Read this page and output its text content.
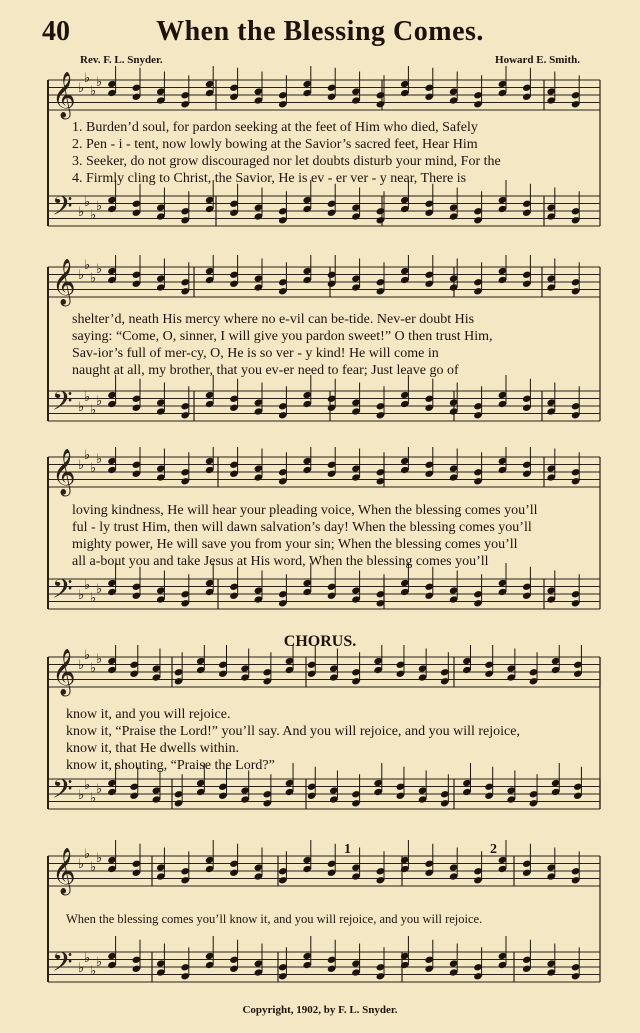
40	When the Blessing Comes.
Rev. F. L. Snyder.	Howard E. Smith.
𝄞 ♭
♭
♭
♭
𝄢 ♭
♭
♭
♭
1. Burden’d soul, for pardon seeking at the feet of Him who died, Safely
2. Pen - i - tent, now lowly bowing at the Savior’s sacred feet, Hear Him
3. Seeker, do not grow discouraged nor let doubts disturb your mind, For the
4. Firmly cling to Christ, the Savior, He is ev - er ver - y near, There is
𝄞 ♭
♭
♭
♭
𝄢 ♭
♭
♭
♭
shelter’d, neath His mercy where no e-vil can be-tide. Nev-er doubt His
saying: “Come, O, sinner, I will give you pardon sweet!” O then trust Him,
Sav-ior’s full of mer-cy, O, He is so ver - y kind! He will come in
naught at all, my brother, that you ev-er need to fear; Just leave go of
𝄞 ♭
♭
♭
♭
𝄢 ♭
♭
♭
♭
loving kindness, He will hear your pleading voice, When the blessing comes you’ll
ful - ly trust Him, then will dawn salvation’s day! When the blessing comes you’ll
mighty power, He will save you from your sin; When the blessing comes you’ll
all a-bout you and take Jesus at His word, When the blessing comes you’ll
CHORUS.
𝄞 ♭
♭
♭
♭
𝄢 ♭
♭
♭
♭
know it, and you will rejoice.
know it, “Praise the Lord!” you’ll say. And you will rejoice, and you will rejoice,
know it, that He dwells within.
know it, shouting, “Praise the Lord?”
𝄞 ♭
♭
♭
♭
𝄢 ♭
♭
♭
♭
1	2
When the blessing comes you’ll know it, and you will rejoice, and you will rejoice.
Copyright, 1902, by F. L. Snyder.
